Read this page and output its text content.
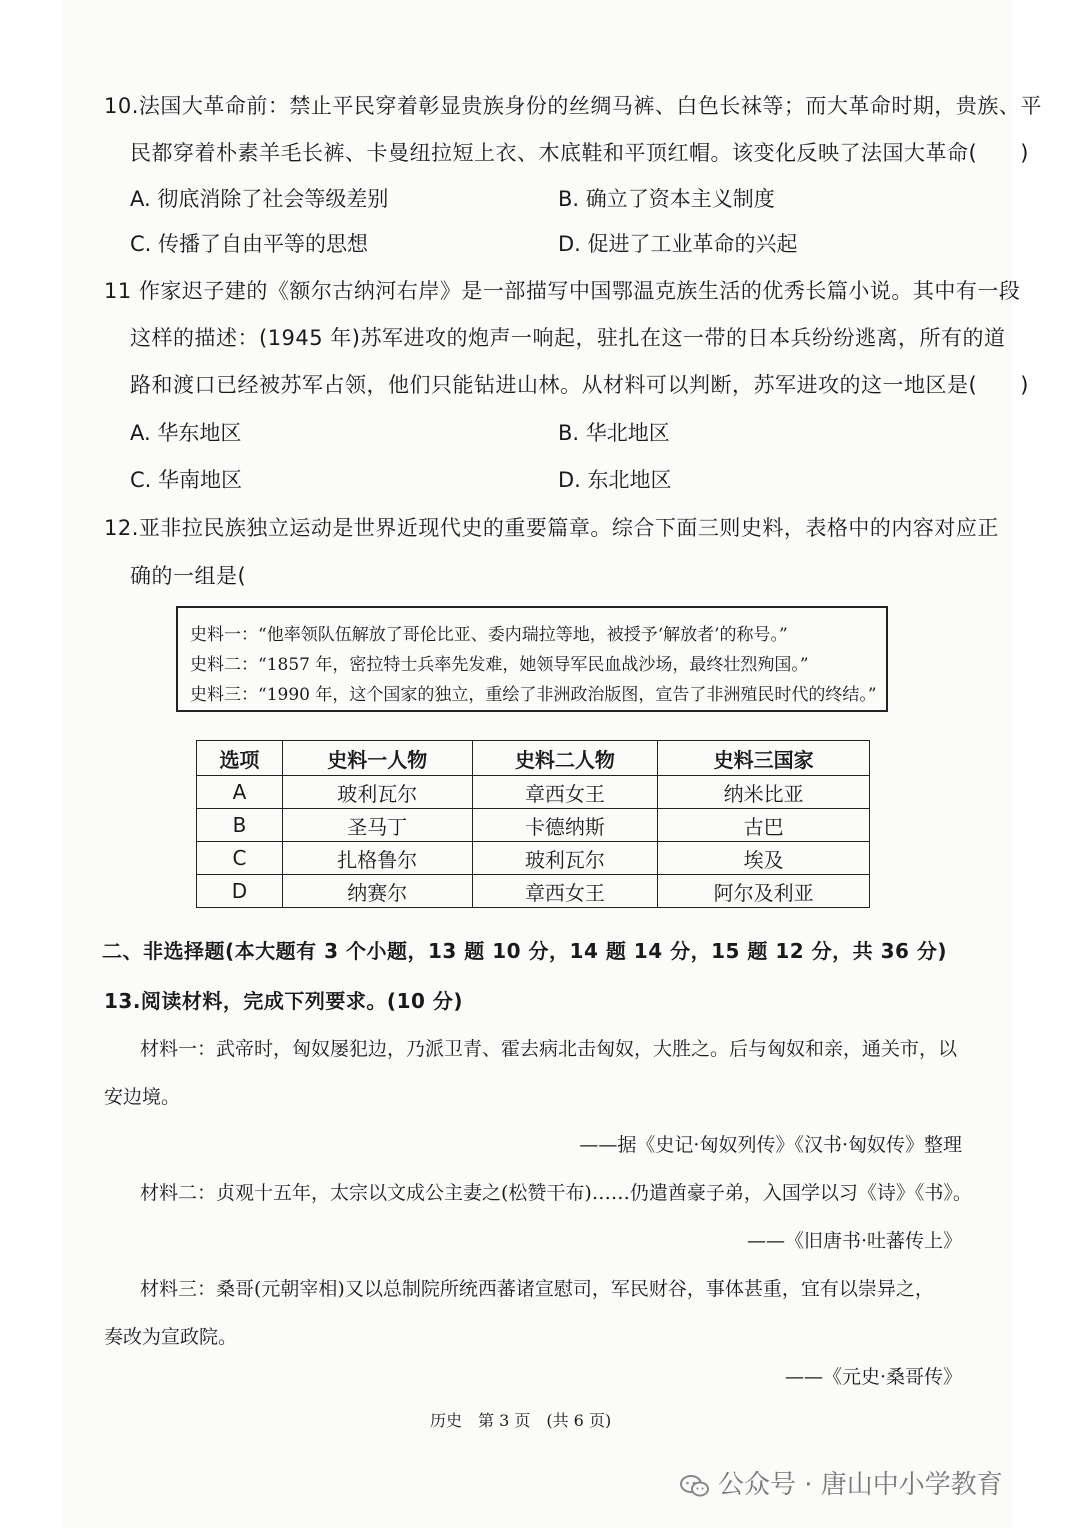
10.法国大革命前：禁止平民穿着彰显贵族身份的丝绸马裤、白色长袜等；而大革命时期，贵族、平
民都穿着朴素羊毛长裤、卡曼纽拉短上衣、木底鞋和平顶红帽。该变化反映了法国大革命(　　)
A. 彻底消除了社会等级差别	B. 确立了资本主义制度
C. 传播了自由平等的思想	D. 促进了工业革命的兴起
11 作家迟子建的《额尔古纳河右岸》是一部描写中国鄂温克族生活的优秀长篇小说。其中有一段
这样的描述：(1945 年)苏军进攻的炮声一响起，驻扎在这一带的日本兵纷纷逃离，所有的道
路和渡口已经被苏军占领，他们只能钻进山林。从材料可以判断，苏军进攻的这一地区是(　　)
A. 华东地区	B. 华北地区
C. 华南地区	D. 东北地区
12.亚非拉民族独立运动是世界近现代史的重要篇章。综合下面三则史料，表格中的内容对应正
确的一组是(
史料一：“他率领队伍解放了哥伦比亚、委内瑞拉等地，被授予‘解放者’的称号。”
史料二：“1857 年，密拉特士兵率先发难，她领导军民血战沙场，最终壮烈殉国。”
史料三：“1990 年，这个国家的独立，重绘了非洲政治版图，宣告了非洲殖民时代的终结。”
选项	史料一人物	史料二人物	史料三国家
A	玻利瓦尔	章西女王	纳米比亚
B	圣马丁	卡德纳斯	古巴
C	扎格鲁尔	玻利瓦尔	埃及
D	纳赛尔	章西女王	阿尔及利亚
二、非选择题(本大题有 3 个小题，13 题 10 分，14 题 14 分，15 题 12 分，共 36 分)
13.阅读材料，完成下列要求。(10 分)
材料一：武帝时，匈奴屡犯边，乃派卫青、霍去病北击匈奴，大胜之。后与匈奴和亲，通关市，以
安边境。
——据《史记·匈奴列传》《汉书·匈奴传》整理
材料二：贞观十五年，太宗以文成公主妻之(松赞干布)……仍遣酋豪子弟，入国学以习《诗》《书》。
——《旧唐书·吐蕃传上》
材料三：桑哥(元朝宰相)又以总制院所统西蕃诸宣慰司，军民财谷，事体甚重，宜有以崇异之，
奏改为宣政院。
——《元史·桑哥传》
历史　第 3 页　(共 6 页)
公众号 · 唐山中小学教育
